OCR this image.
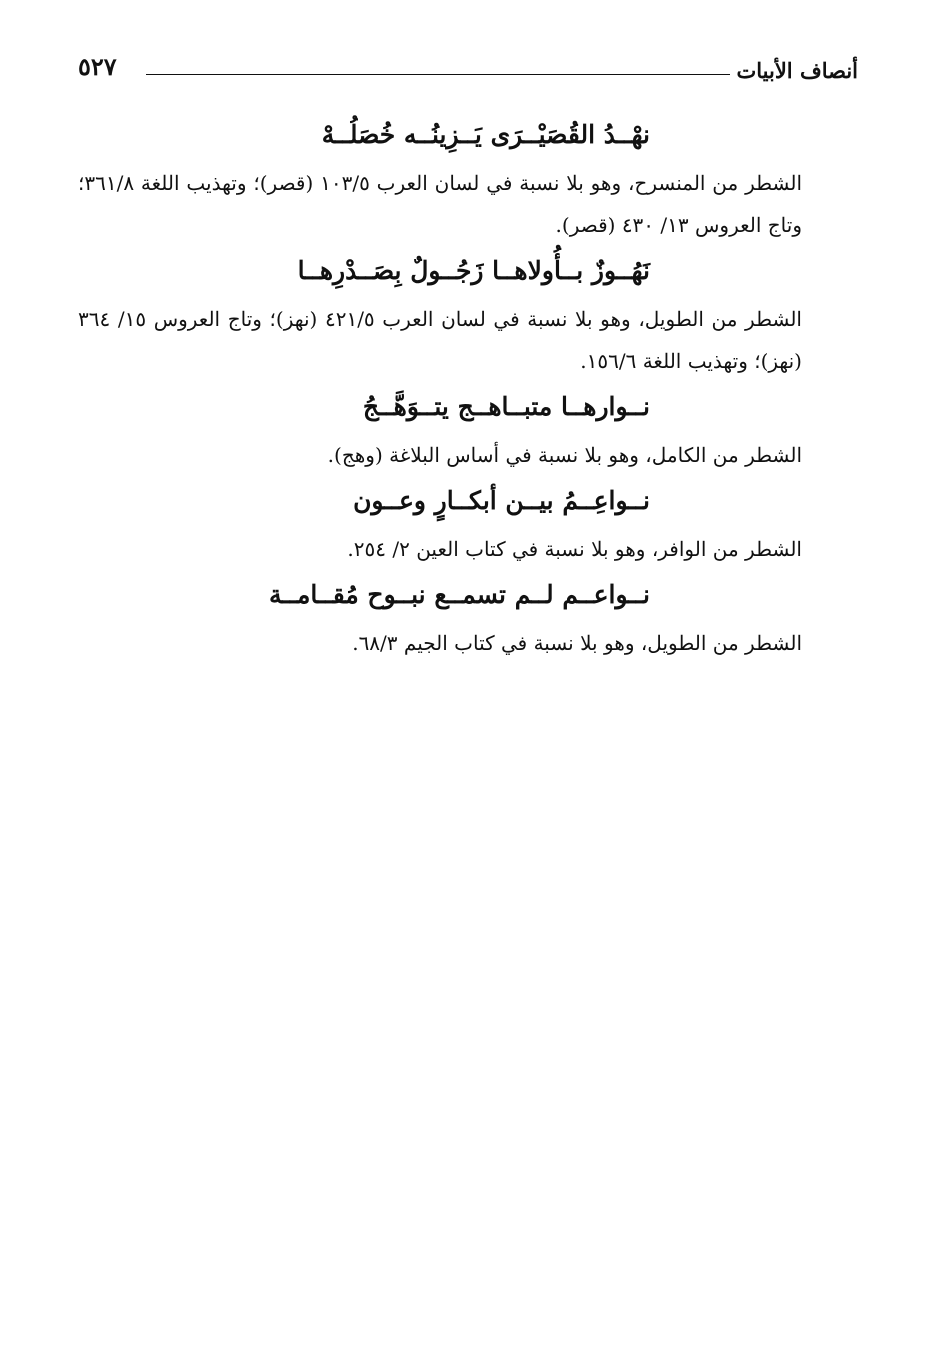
٥٢٧	أنصاف الأبيات
نهْــدُ القُصَيْــرَى يَــزِينُــه خُصَلُــهْ
الشطر من المنسرح، وهو بلا نسبة في لسان العرب ١٠٣/٥ (قصر)؛ وتهذيب اللغة ٣٦١/٨؛ وتاج العروس ١٣/ ٤٣٠ (قصر).
نَهُــوزٌ بــأُولاهــا زَجُــولٌ بِصَــدْرِهــا
الشطر من الطويل، وهو بلا نسبة في لسان العرب ٤٢١/٥ (نهز)؛ وتاج العروس ١٥/ ٣٦٤ (نهز)؛ وتهذيب اللغة ١٥٦/٦.
نــوارهــا متبــاهــج يتــوَهَّــجُ
الشطر من الكامل، وهو بلا نسبة في أساس البلاغة (وهج).
نــواعِــمُ بيــن أبكــارٍ وعــون
الشطر من الوافر، وهو بلا نسبة في كتاب العين ٢/ ٢٥٤.
نــواعــم لــم تسمــع نبــوح مُقــامــة
الشطر من الطويل، وهو بلا نسبة في كتاب الجيم ٦٨/٣.
